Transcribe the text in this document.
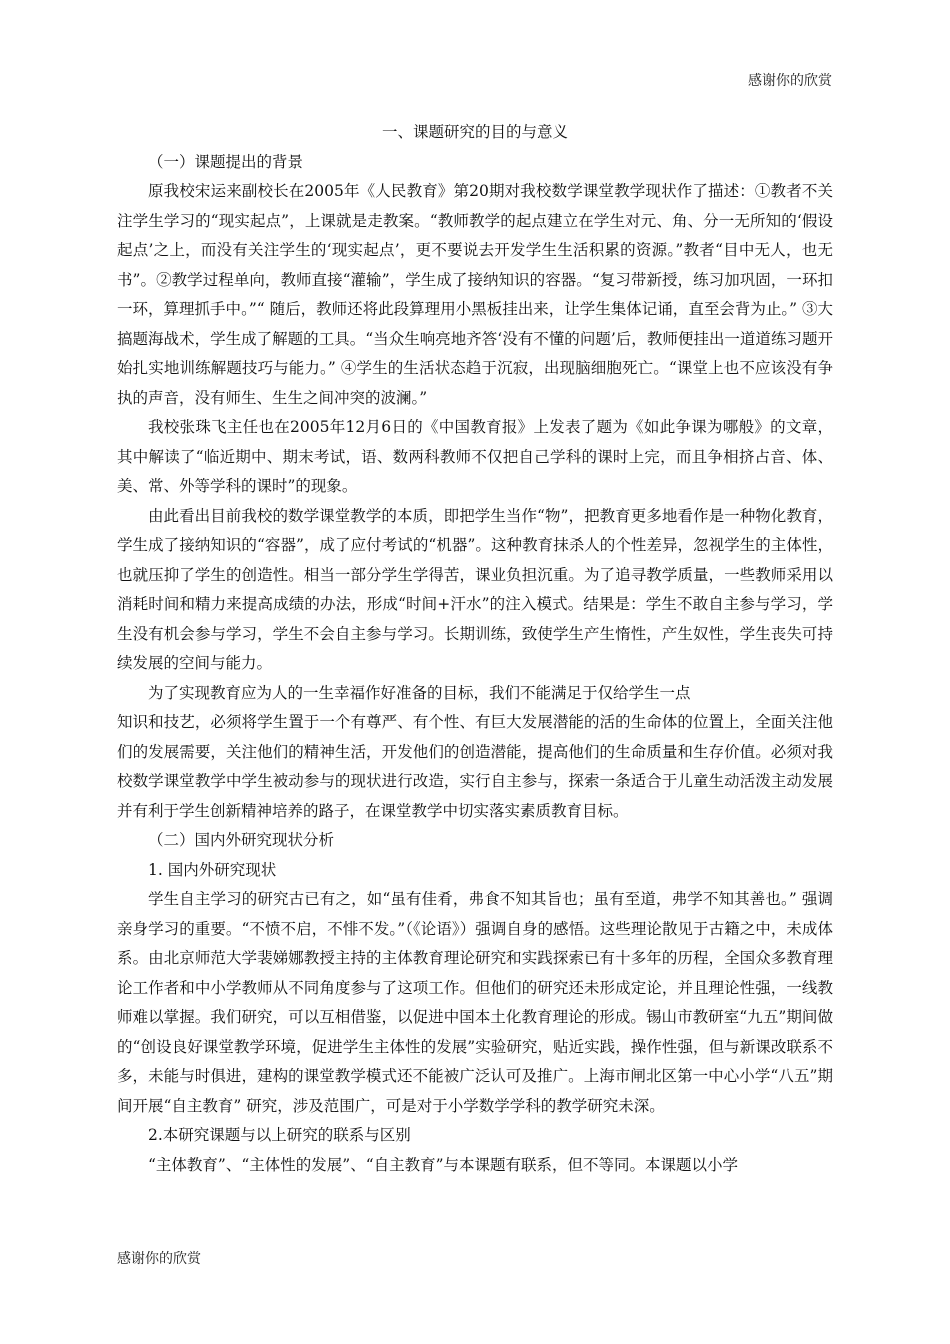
感谢你的欣赏

一、课题研究的目的与意义

（一）课题提出的背景

原我校宋运来副校长在2005年《人民教育》第20期对我校数学课堂教学现状作了描述：①教者不关注学生学习的“现实起点”，上课就是走教案。“教师教学的起点建立在学生对元、角、分一无所知的‘假设起点’之上，而没有关注学生的‘现实起点’，更不要说去开发学生生活积累的资源。”教者“目中无人，也无书”。②教学过程单向，教师直接“灌输”，学生成了接纳知识的容器。“复习带新授，练习加巩固，一环扣一环，算理抓手中。”“ 随后，教师还将此段算理用小黑板挂出来，让学生集体记诵，直至会背为止。” ③大搞题海战术，学生成了解题的工具。“当众生响亮地齐答‘没有不懂的问题’后，教师便挂出一道道练习题开始扎实地训练解题技巧与能力。” ④学生的生活状态趋于沉寂，出现脑细胞死亡。“课堂上也不应该没有争执的声音，没有师生、生生之间冲突的波澜。”

我校张珠飞主任也在2005年12月6日的《中国教育报》上发表了题为《如此争课为哪般》的文章，其中解读了“临近期中、期末考试，语、数两科教师不仅把自己学科的课时上完，而且争相挤占音、体、美、常、外等学科的课时”的现象。

由此看出目前我校的数学课堂教学的本质，即把学生当作“物”，把教育更多地看作是一种物化教育，学生成了接纳知识的“容器”，成了应付考试的“机器”。这种教育抹杀人的个性差异，忽视学生的主体性，也就压抑了学生的创造性。相当一部分学生学得苦，课业负担沉重。为了追寻教学质量，一些教师采用以消耗时间和精力来提高成绩的办法，形成“时间+汗水”的注入模式。结果是：学生不敢自主参与学习，学生没有机会参与学习，学生不会自主参与学习。长期训练，致使学生产生惰性，产生奴性，学生丧失可持续发展的空间与能力。

为了实现教育应为人的一生幸福作好准备的目标，我们不能满足于仅给学生一点

知识和技艺，必须将学生置于一个有尊严、有个性、有巨大发展潜能的活的生命体的位置上，全面关注他们的发展需要，关注他们的精神生活，开发他们的创造潜能，提高他们的生命质量和生存价值。必须对我校数学课堂教学中学生被动参与的现状进行改造，实行自主参与，探索一条适合于儿童生动活泼主动发展并有利于学生创新精神培养的路子，在课堂教学中切实落实素质教育目标。

（二）国内外研究现状分析

1. 国内外研究现状

学生自主学习的研究古已有之，如“虽有佳肴，弗食不知其旨也；虽有至道，弗学不知其善也。” 强调亲身学习的重要。“不愤不启，不悱不发。”（《论语》）强调自身的感悟。这些理论散见于古籍之中，未成体系。由北京师范大学裴娣娜教授主持的主体教育理论研究和实践探索已有十多年的历程，全国众多教育理论工作者和中小学教师从不同角度参与了这项工作。但他们的研究还未形成定论，并且理论性强，一线教师难以掌握。我们研究，可以互相借鉴，以促进中国本土化教育理论的形成。锡山市教研室“九五”期间做的“创设良好课堂教学环境，促进学生主体性的发展”实验研究，贴近实践，操作性强，但与新课改联系不多，未能与时俱进，建构的课堂教学模式还不能被广泛认可及推广。上海市闸北区第一中心小学“八五”期间开展“自主教育” 研究，涉及范围广，可是对于小学数学学科的教学研究未深。

2.本研究课题与以上研究的联系与区别

“主体教育”、“主体性的发展”、“自主教育”与本课题有联系，但不等同。本课题以小学

感谢你的欣赏
